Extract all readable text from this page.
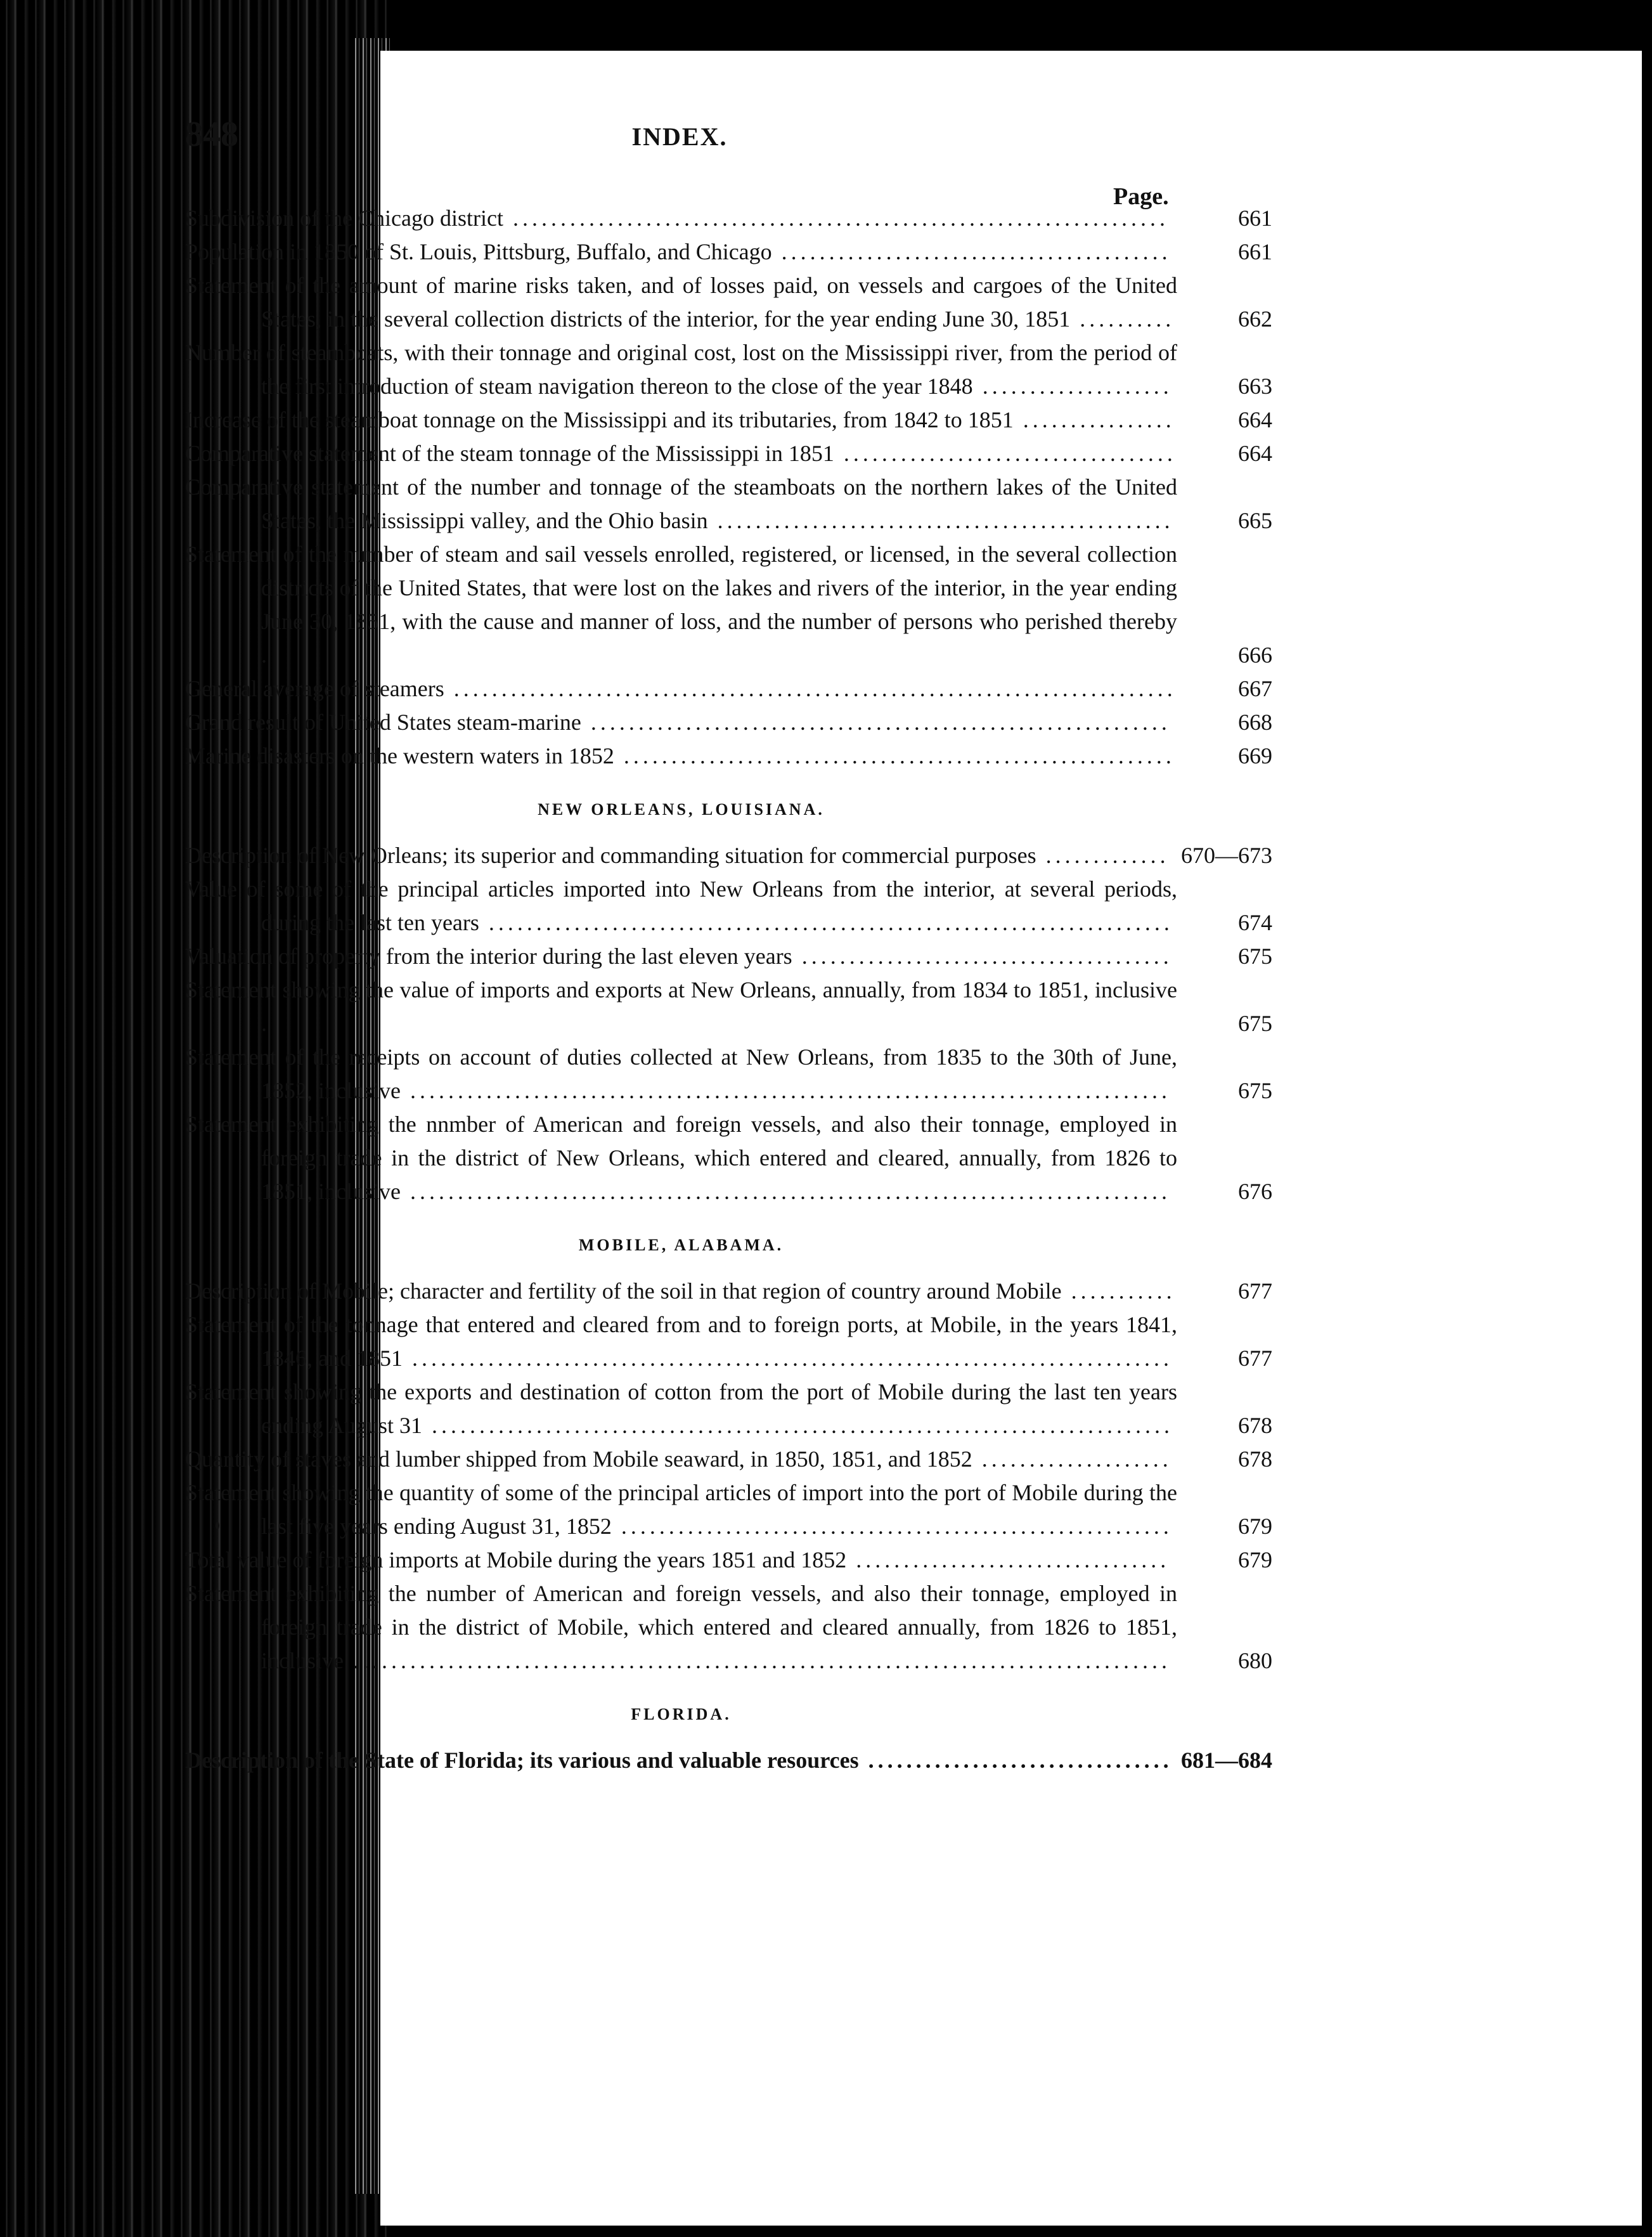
848	INDEX.
Page.
Subdivision of the Chicago district .....................................................................	661
Population in 1850 of St. Louis, Pittsburg, Buffalo, and Chicago .........................................	661
Statement of the amount of marine risks taken, and of losses paid, on vessels and cargoes of the United States, in the several collection districts of the interior, for the year ending June 30, 1851 ..........	662
Number of steamboats, with their tonnage and original cost, lost on the Mississippi river, from the period of the first introduction of steam navigation thereon to the close of the year 1848 ....................	663
Increase of the steamboat tonnage on the Mississippi and its tributaries, from 1842 to 1851 ................	664
Comparative statement of the steam tonnage of the Mississippi in 1851 ...................................	664
Comparative statement of the number and tonnage of the steamboats on the northern lakes of the United States, the Mississippi valley, and the Ohio basin ................................................	665
Statement of the number of steam and sail vessels enrolled, registered, or licensed, in the several collection districts of the United States, that were lost on the lakes and rivers of the interior, in the year ending June 30, 1851, with the cause and manner of loss, and the number of persons who perished thereby .	666
General average of steamers ............................................................................	667
Grand result of United States steam-marine .............................................................	668
Marine disasters on the western waters in 1852 ..........................................................	669
NEW ORLEANS, LOUISIANA.
Description of New Orleans; its superior and commanding situation for commercial purposes ............. 670—673
Value of some of the principal articles imported into New Orleans from the interior, at several periods, during the last ten years ........................................................................	674
Valuation of property from the interior during the last eleven years .......................................	675
Statement showing the value of imports and exports at New Orleans, annually, from 1834 to 1851, inclusive .	675
Statement of the receipts on account of duties collected at New Orleans, from 1835 to the 30th of June, 1852, inclusive ................................................................................	675
Statement exhibiting the nnmber of American and foreign vessels, and also their tonnage, employed in foreign trade in the district of New Orleans, which entered and cleared, annually, from 1826 to 1851, inclusive ................................................................................	676
MOBILE, ALABAMA.
Description of Mobile; character and fertility of the soil in that region of country around Mobile ...........	677
Statement of the tonnage that entered and cleared from and to foreign ports, at Mobile, in the years 1841, 1846, and 1851 ................................................................................	677
Statement showing the exports and destination of cotton from the port of Mobile during the last ten years ending August 31 ..............................................................................	678
Quantity of staves and lumber shipped from Mobile seaward, in 1850, 1851, and 1852 ....................	678
Statement showing the quantity of some of the principal articles of import into the port of Mobile during the last five years ending August 31, 1852 ..........................................................	679
Total value of foreign imports at Mobile during the years 1851 and 1852 .................................	679
Statement exhibiting the number of American and foreign vessels, and also their tonnage, employed in foreign trade in the district of Mobile, which entered and cleared annually, from 1826 to 1851, inclusive ......................................................................................	680
FLORIDA.
Description of the State of Florida; its various and valuable resources ................................ 681—684
